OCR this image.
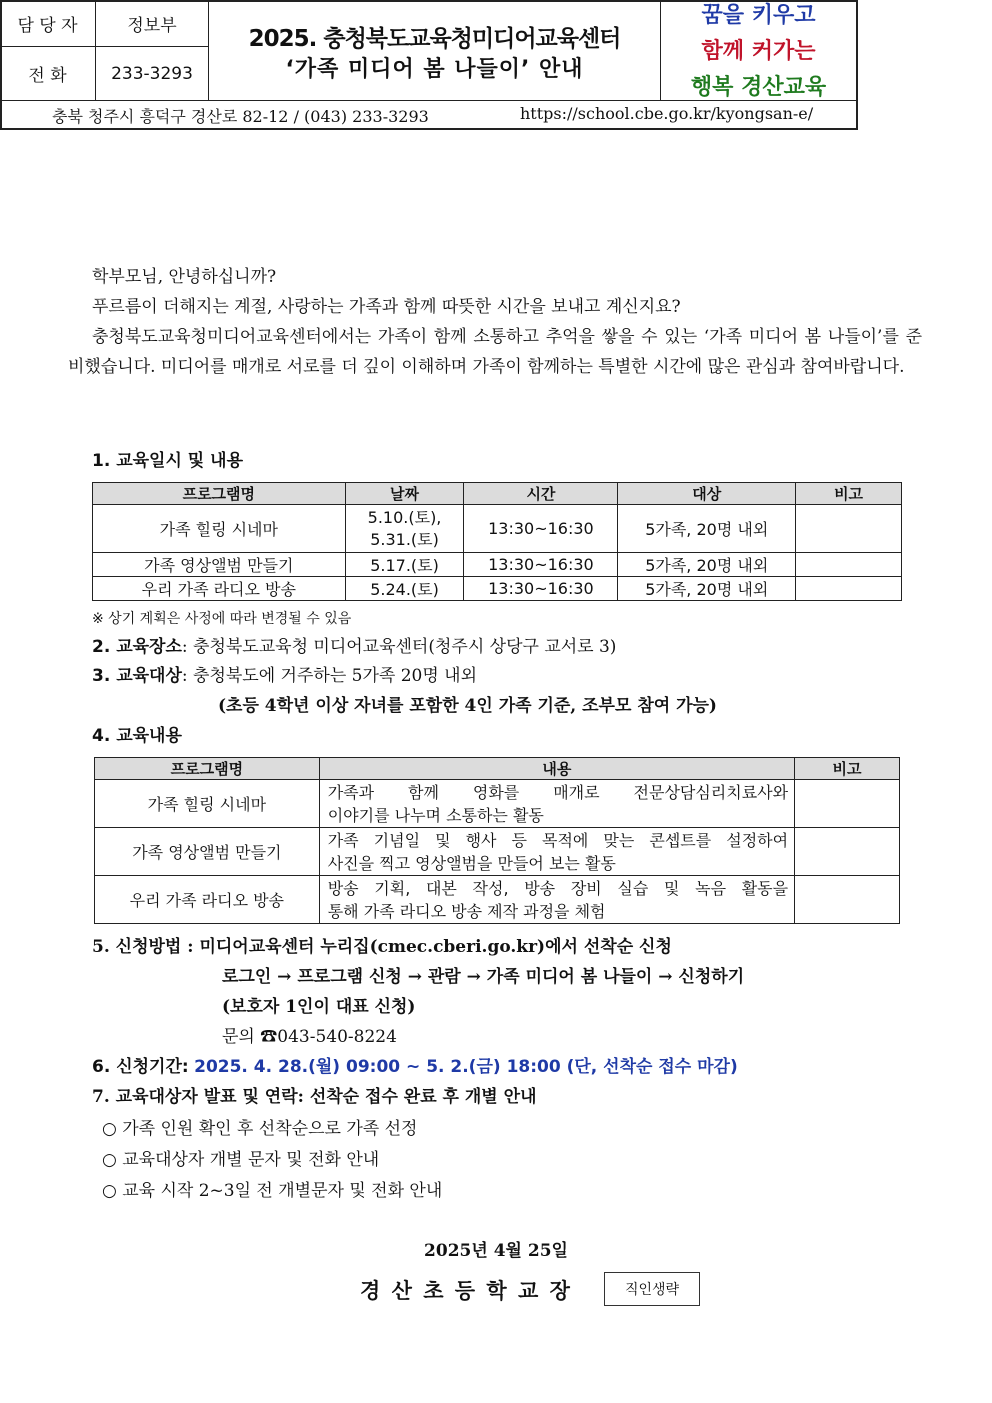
담 당 자	정보부
전 화	233-3293
2025. 충청북도교육청미디어교육센터
‘가족 미디어 봄 나들이’ 안내
꿈을 키우고
함께 커가는
행복 경산교육
충북 청주시 흥덕구 경산로 82-12 / (043) 233-3293	https://school.cbe.go.kr/kyongsan-e/

학부모님, 안녕하십니까?

푸르름이 더해지는 계절, 사랑하는 가족과 함께 따뜻한 시간을 보내고 계신지요?

충청북도교육청미디어교육센터에서는 가족이 함께 소통하고 추억을 쌓을 수 있는 ‘가족 미디어 봄 나들이’를 준비했습니다. 미디어를 매개로 서로를 더 깊이 이해하며 가족이 함께하는 특별한 시간에 많은 관심과 참여바랍니다.

1. 교육일시 및 내용
프로그램명	날짜	시간	대상	비고
가족 힐링 시네마	5.10.(토),
5.31.(토)	13:30~16:30	5가족, 20명 내외	
가족 영상앨범 만들기	5.17.(토)	13:30~16:30	5가족, 20명 내외	
우리 가족 라디오 방송	5.24.(토)	13:30~16:30	5가족, 20명 내외	
※ 상기 계획은 사정에 따라 변경될 수 있음
2. 교육장소: 충청북도교육청 미디어교육센터(청주시 상당구 교서로 3)
3. 교육대상: 충청북도에 거주하는 5가족 20명 내외
(초등 4학년 이상 자녀를 포함한 4인 가족 기준, 조부모 참여 가능)
4. 교육내용
프로그램명	내용	비고
가족 힐링 시네마	가족과 함께 영화를 매개로 전문상담심리치료사와
이야기를 나누며 소통하는 활동	

가족 영상앨범 만들기	가족 기념일 및 행사 등 목적에 맞는 콘셉트를 설정하여
사진을 찍고 영상앨범을 만들어 보는 활동	

우리 가족 라디오 방송	방송 기획, 대본 작성, 방송 장비 실습 및 녹음 활동을
통해 가족 라디오 방송 제작 과정을 체험	

5. 신청방법 : 미디어교육센터 누리집(cmec.cberi.go.kr)에서 선착순 신청
로그인 → 프로그램 신청 → 관람 → 가족 미디어 봄 나들이 → 신청하기
(보호자 1인이 대표 신청)
문의 ☎043-540-8224
6. 신청기간: 2025. 4. 28.(월) 09:00 ~ 5. 2.(금) 18:00 (단, 선착순 접수 마감)
7. 교육대상자 발표 및 연락: 선착순 접수 완료 후 개별 안내
○ 가족 인원 확인 후 선착순으로 가족 선정
○ 교육대상자 개별 문자 및 전화 안내
○ 교육 시작 2~3일 전 개별문자 및 전화 안내
2025년 4월 25일
경 산 초 등 학 교 장	직인생략
